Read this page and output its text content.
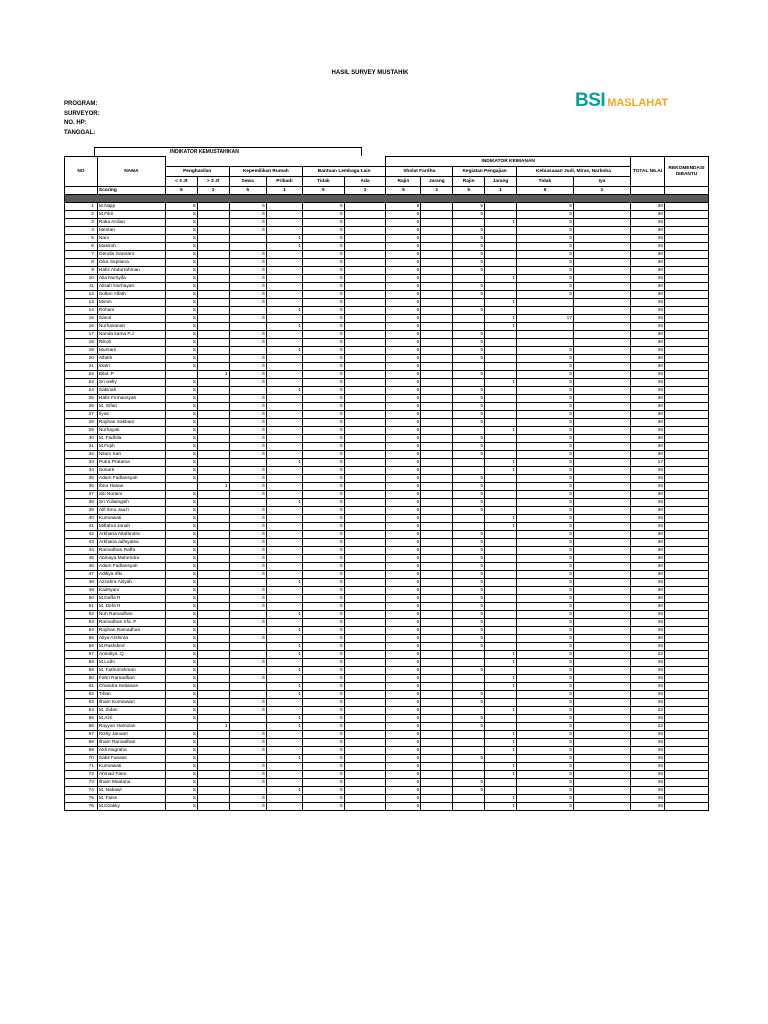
HASIL SURVEY MUSTAHIK
BSI MASLAHAT
PROGRAM:
SURVEYOR:
NO. HP:
TANGGAL:
INDIKATOR KEMUSTAHIKAN
NO	NAMA							INDIKATOR KEIMANAN						TOTAL NILAI	REKOMENDASI DIBANTU
		Penghasilan		Kepemilikan Rumah		Bantuan Lembaga Lain		Sholat Fardhu		Kegiatan Pengajian		Kebiasaaan Judi, Miras, Narkoba			
		< 3 Jt	> 3 Jt	Sewa	Pribadi	Tidak	Ada	Rajin	Jarang	Rajin	Jarang	Tidak	Iya		
	Scoring	5	1	5	1	5	1	5	1	5	1	5	1		

1	M.Najip	5		5		5		5		5		5		30	
2	M.Fikri	5		5		5		5		5		5		30	
3	Raka Ardian	5		5		5		5			1	5		26	
4	Mentari	5		5		5		5		5		5		30	
5	Nani	5			1	5		5		5		5		26	
6	Masiroh	5			1	5		5		5		5		26	
7	Gendis Garetani	5		5		5		5		5		5		30	
8	Cika Septiana	5		5		5		5		5		5		30	
9	Hafiz Abdurrahman	5		5		5		5		5		5		30	
10	Alia Nursyifa	5		5		5		5			1	5		26	
11	Alisah Nurhayati	5		5		5		5		5		5		30	
12	Sultan Alfath	5		5		5		5		5		5		30	
13	Mimin	5		5		5		5			1			26	
14	Rohani	5			1	5		5		5				26	
15	Sanol	5		5		5		5			1	17		26	
16	Nurhasanah	5			1	5		5			1			26	
17	Nanda kama P.J	5		5		5		5		5				30	
18	Rikoh	5		5		5		5		5				30	
19	Mursani	5			1	5		5		5		5		26	
20	Alfatih	5		5		5		5		5		5		30	
21	Watri	5		5		5		5				5		30	
22	Bilal. P		1	5		5		5		5		5		26	
23	Sri welly	5		5		5		5			1	5		26	
24	Sakinah	5			1	5		5		5		5		26	
25	Hafiz Firmansyah	5		5		5		5		5		5		30	
26	M. Gifari	5		5		5		5		5		5		30	
27	Ilyas	5		5		5		5		5		5		30	
28	Rayhan Sakbani	5		5		5		5		5		5		30	
29	Nurhayati	5		5		5		5			1	5		26	
30	M. Fadhila	5		5		5		5		5		5		30	
31	M.Fiqih	5		5		5		5		5		5		30	
32	Nilam Sari	5		5		5		5		5		5		30	
33	Putra Pratama	5			1	5		5			1	5		17	
34	Suriarti	5		5		5		5			1	5		26	
35	Adam Fadlansyah	5		5		5		5		5		5		26	
36	Ibnu Hasan		1	5		5		5		5		5		26	
37	Siti Nuraini	5		5		5		5		5		5		30	
38	Sri Yuliaingsih	5			1	5		5		5		5		26	
39	Alif Ibnu Jauzi	5		5		5		5		5		5		30	
40	Kurniawati	5		5		5		5			1	5		26	
41	Miftahul Janah	5		5		5		5			1	5		26	
42	Arkhana Altafandra	5		5		5		5		5		5		30	
43	Arkhana adhiyatsa	5		5		5		5		5		5		30	
44	Ramadhan Raffa	5		5		5		5		5		5		30	
45	Abinaya Mahendra	5		5		5		5		5		5		30	
46	Adam Fadlansyah	5		5		5		5		5		5		30	
47	Aditiya rifki	5		5		5		5		5		5		30	
48	Azzahra Aisyah	5			1	5		5		5		5		26	
49	Kadriyani	5		5		5		5		5		5		30	
50	M.Daffa R	5		5		5		5		5		5		30	
51	M. Defa R	5		5		5		5		5		5		30	
52	Nuh Ramadhan	5			1	5		5		5		5		26	
53	Ramadhan Irfa .P	5		5		5		5		5		5		26	
54	Rayhan Ramadhan	5			1	5		5		5		5		26	
55	Aliya Arshinta	5		5		5		5		5		5		30	
56	M.Rashdied	5			1	5		5		5		5		26	
57	Anindiya .Q	5			1	5		5			1	5		22	
58	M.Luthi	5		5		5		5			1	5		26	
59	M. Fathurrahman	5			1	5		5		5		5		26	
60	Fahri Ramadhan	5		5		5		5			1	5		26	
61	Chandra Setiawan	5			1	5		5			1	5		26	
62	Tihan	5			1	5		5		5		5		26	
63	Ilham Kurniawan	5		5		5		5		5		5		26	
64	M. Zidan	5		5		5		5			1	5		22	
65	M.Azri	5			1	5		5		5		5		26	
66	Rayyan Hamizan		1		1	5		5		5		5		22	
67	Rizky Januari	5		5		5		5			1	5		26	
68	Ilham Ramadhan	5		5		5		5			1	5		26	
69	Aldi Nugraha	5		5		5		5			1	5		26	
70	Sabil Fanass	5			1	5		5		5		5		26	
71	Kurniawati	5		5		5		5			1	5		26	
72	Ahmad Fatoi	5		5		5		5			1	5		26	
73	Ilham Maulana	5		5		5		5		5		5		26	
74	M. Nabawi	5			1	5		5		5		5		26	
75	M. Faiss	5		5		5		5			1	5		26	
76	M.Dzakky	5		5		5		5			1	5		26	
